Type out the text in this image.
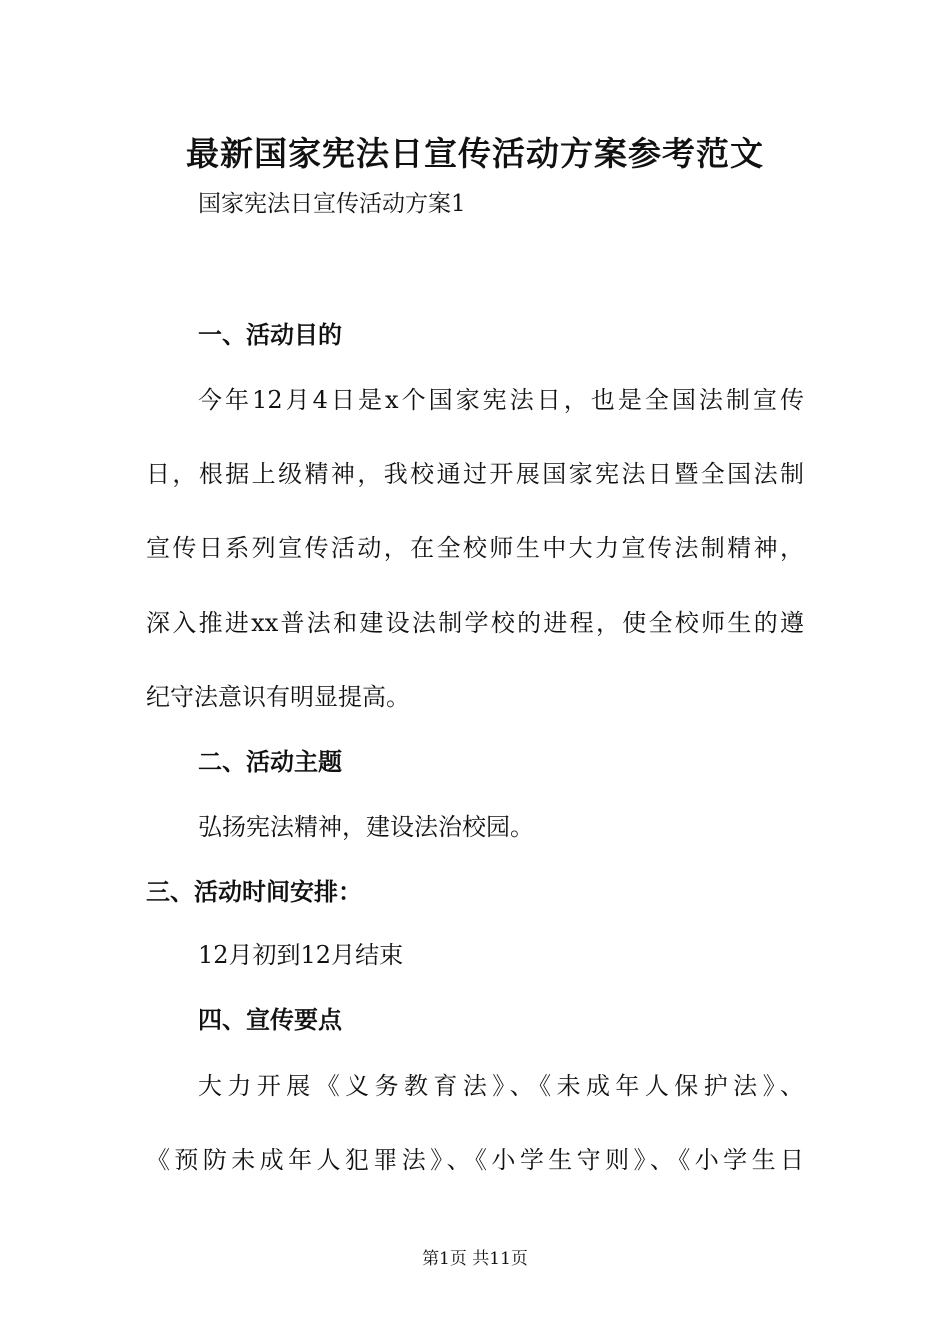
最新国家宪法日宣传活动方案参考范文
国家宪法日宣传活动方案1
一、活动目的
今年12月4日是x个国家宪法日，也是全国法制宣传
日，根据上级精神，我校通过开展国家宪法日暨全国法制
宣传日系列宣传活动，在全校师生中大力宣传法制精神，
深入推进xx普法和建设法制学校的进程，使全校师生的遵
纪守法意识有明显提高。
二、活动主题
弘扬宪法精神，建设法治校园。
三、活动时间安排：
12月初到12月结束
四、宣传要点
大力开展《义务教育法》、《未成年人保护法》、
《预防未成年人犯罪法》、《小学生守则》、《小学生日
第1页 共11页
